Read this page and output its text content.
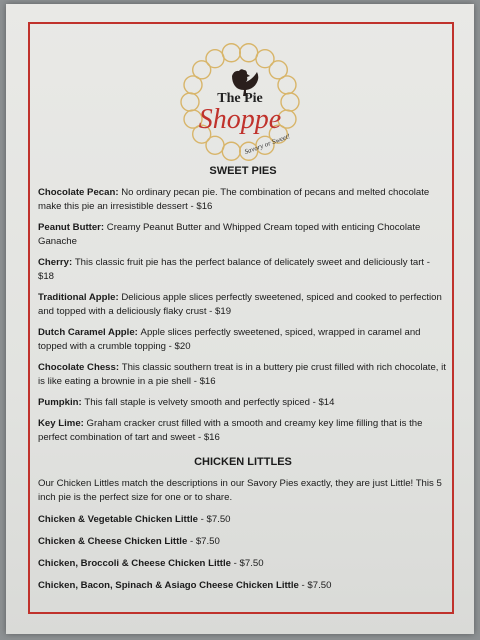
The Pie
Shoppe
Savory or Sweet!
SWEET PIES
Chocolate Pecan: No ordinary pecan pie. The combination of pecans and melted chocolate make this pie an irresistible dessert - $16
Peanut Butter: Creamy Peanut Butter and Whipped Cream toped with enticing Chocolate Ganache
Cherry: This classic fruit pie has the perfect balance of delicately sweet and deliciously tart - $18
Traditional Apple: Delicious apple slices perfectly sweetened, spiced and cooked to perfection and topped with a deliciously flaky crust - $19
Dutch Caramel Apple: Apple slices perfectly sweetened, spiced, wrapped in caramel and topped with a crumble topping - $20
Chocolate Chess: This classic southern treat is in a buttery pie crust filled with rich chocolate, it is like eating a brownie in a pie shell - $16
Pumpkin: This fall staple is velvety smooth and perfectly spiced - $14
Key Lime: Graham cracker crust filled with a smooth and creamy key lime filling that is the perfect combination of tart and sweet - $16
CHICKEN LITTLES
Our Chicken Littles match the descriptions in our Savory Pies exactly, they are just Little! This 5 inch pie is the perfect size for one or to share.
Chicken & Vegetable Chicken Little - $7.50
Chicken & Cheese Chicken Little - $7.50
Chicken, Broccoli & Cheese Chicken Little - $7.50
Chicken, Bacon, Spinach & Asiago Cheese Chicken Little - $7.50
